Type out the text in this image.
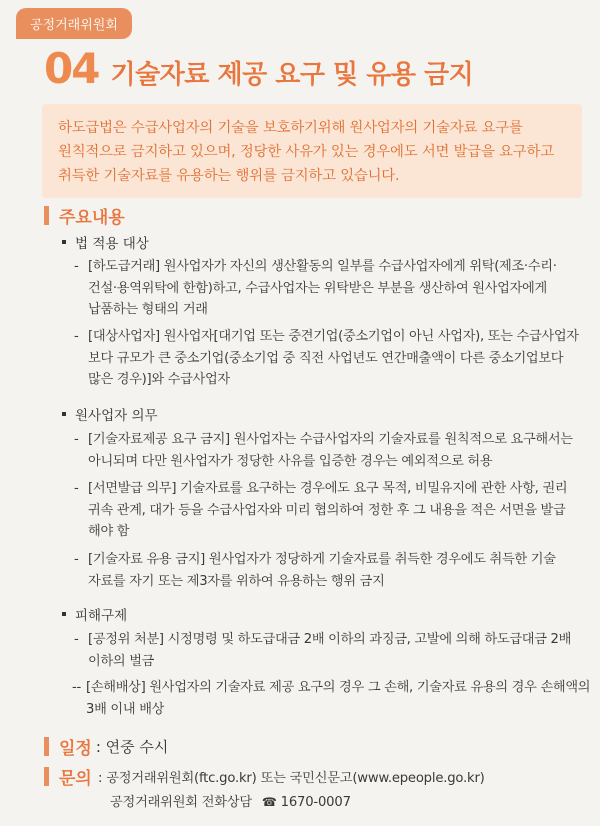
공정거래위원회
04 기술자료 제공 요구 및 유용 금지

하도급법은 수급사업자의 기술을 보호하기위해 원사업자의 기술자료 요구를

원칙적으로 금지하고 있으며, 정당한 사유가 있는 경우에도 서면 발급을 요구하고

취득한 기술자료를 유용하는 행위를 금지하고 있습니다.

주요내용
법 적용 대상
- [하도급거래] 원사업자가 자신의 생산활동의 일부를 수급사업자에게 위탁(제조·수리·
건설·용역위탁에 한함)하고, 수급사업자는 위탁받은 부분을 생산하여 원사업자에게
납품하는 형태의 거래
- [대상사업자] 원사업자[대기업 또는 중견기업(중소기업이 아닌 사업자), 또는 수급사업자
보다 규모가 큰 중소기업(중소기업 중 직전 사업년도 연간매출액이 다른 중소기업보다
많은 경우)]와 수급사업자
원사업자 의무
- [기술자료제공 요구 금지] 원사업자는 수급사업자의 기술자료를 원칙적으로 요구해서는
아니되며 다만 원사업자가 정당한 사유를 입증한 경우는 예외적으로 허용
- [서면발급 의무] 기술자료를 요구하는 경우에도 요구 목적, 비밀유지에 관한 사항, 권리
귀속 관계, 대가 등을 수급사업자와 미리 협의하여 정한 후 그 내용을 적은 서면을 발급
해야 함
- [기술자료 유용 금지] 원사업자가 정당하게 기술자료를 취득한 경우에도 취득한 기술
자료를 자기 또는 제3자를 위하여 유용하는 행위 금지
피해구제
- [공정위 처분] 시정명령 및 하도급대금 2배 이하의 과징금, 고발에 의해 하도급대금 2배
이하의 벌금
-- [손해배상] 원사업자의 기술자료 제공 요구의 경우 그 손해, 기술자료 유용의 경우 손해액의
3배 이내 배상
일정 : 연중 수시
문의 : 공정거래위원회(ftc.go.kr) 또는 국민신문고(www.epeople.go.kr)
공정거래위원회 전화상담 ☎ 1670-0007
